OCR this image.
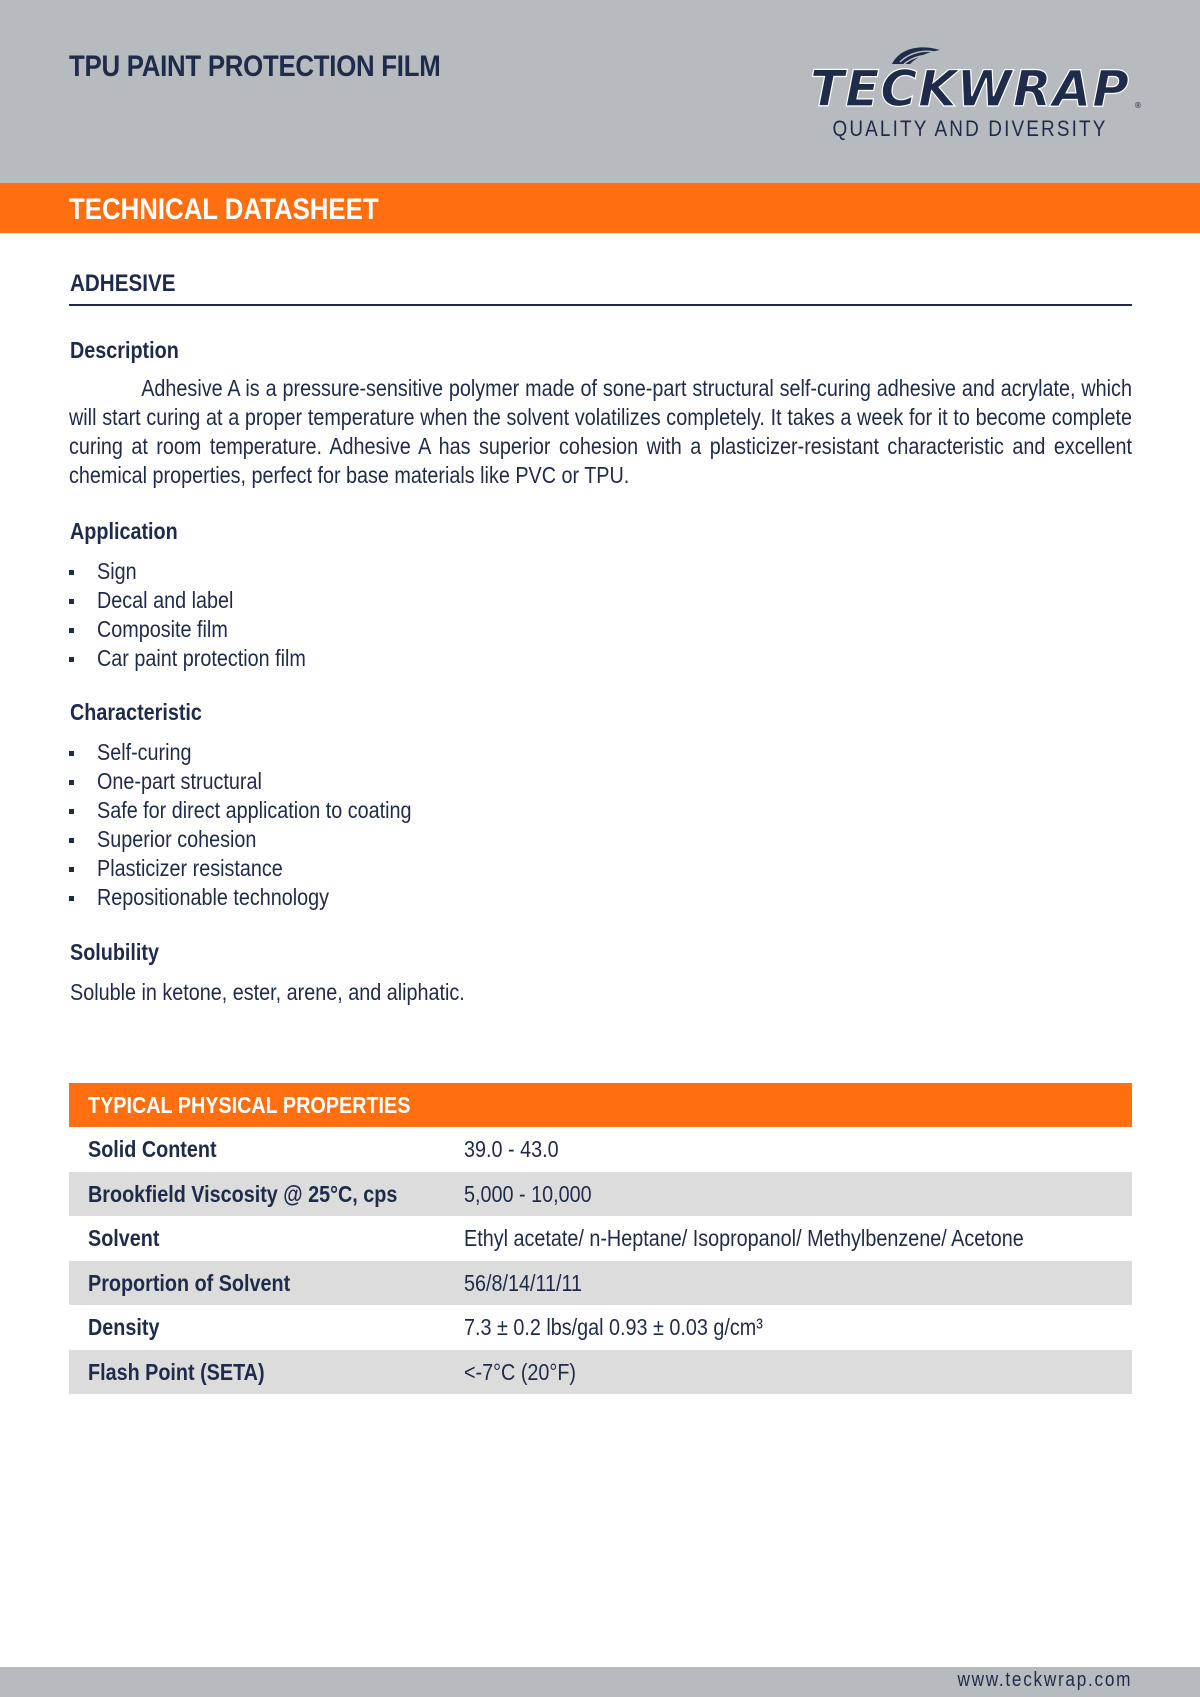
TPU PAINT PROTECTION FILM	TECKWRAP ®
QUALITY AND DIVERSITY
TECHNICAL DATASHEET
ADHESIVE
Description
Adhesive A is a pressure-sensitive polymer made of sone-part structural self-curing adhesive and acrylate, which will start curing at a proper temperature when the solvent volatilizes completely. It takes a week for it to become complete curing at room temperature. Adhesive A has superior cohesion with a plasticizer-resistant characteristic and excellent chemical properties, perfect for base materials like PVC or TPU.
Application
Sign
Decal and label
Composite film
Car paint protection film
Characteristic
Self-curing
One-part structural
Safe for direct application to coating
Superior cohesion
Plasticizer resistance
Repositionable technology
Solubility
Soluble in ketone, ester, arene, and aliphatic.
TYPICAL PHYSICAL PROPERTIES
Solid Content	39.0 - 43.0
Brookfield Viscosity @ 25°C, cps	5,000 - 10,000
Solvent	Ethyl acetate/ n-Heptane/ Isopropanol/ Methylbenzene/ Acetone
Proportion of Solvent	56/8/14/11/11
Density	7.3 ± 0.2 lbs/gal 0.93 ± 0.03 g/cm³
Flash Point (SETA)	<-7°C (20°F)
www.teckwrap.com
